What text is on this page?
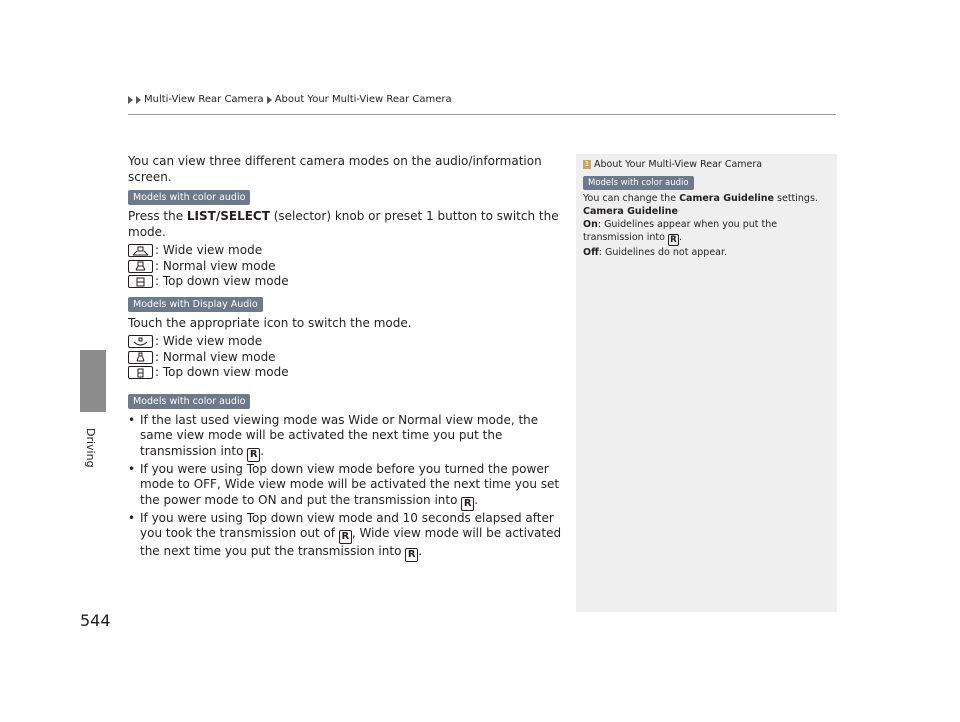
Driving
544
Multi-View Rear Camera About Your Multi-View Rear Camera

You can view three different camera modes on the audio/information screen.

Models with color audio

Press the LIST/SELECT (selector) knob or preset 1 button to switch the mode.

: Wide view mode
: Normal view mode
: Top down view mode
Models with Display Audio

Touch the appropriate icon to switch the mode.

: Wide view mode
: Normal view mode
: Top down view mode
Models with color audio
• If the last used viewing mode was Wide or Normal view mode, the same view mode will be activated the next time you put the transmission into R .
• If you were using Top down view mode before you turned the power mode to OFF, Wide view mode will be activated the next time you set the power mode to ON and put the transmission into R .
• If you were using Top down view mode and 10 seconds elapsed after you took the transmission out of R , Wide view mode will be activated the next time you put the transmission into R .
1 About Your Multi-View Rear Camera
Models with color audio

You can change the Camera Guideline settings.

Camera Guideline

On: Guidelines appear when you put the transmission into R .

Off: Guidelines do not appear.
